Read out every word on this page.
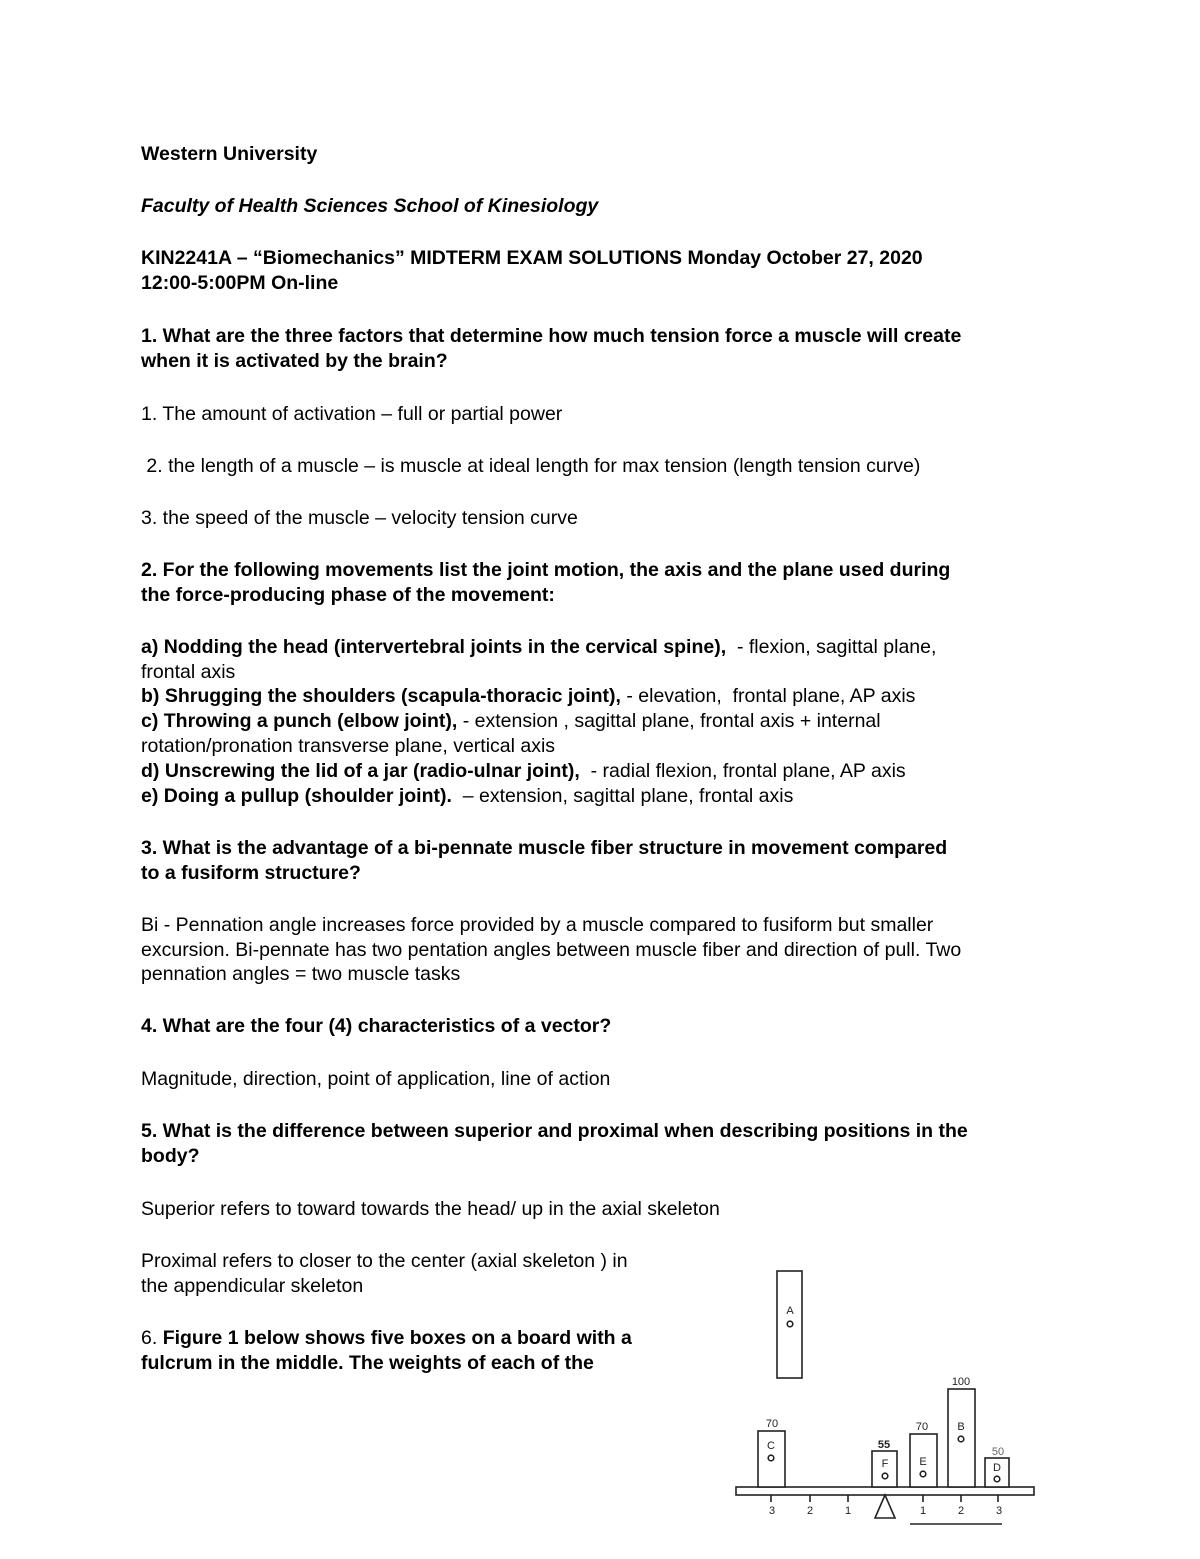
Western University
Faculty of Health Sciences School of Kinesiology
KIN2241A – “Biomechanics” MIDTERM EXAM SOLUTIONS Monday October 27, 2020
12:00-5:00PM On-line
1. What are the three factors that determine how much tension force a muscle will create
when it is activated by the brain?
1. The amount of activation – full or partial power
2. the length of a muscle – is muscle at ideal length for max tension (length tension curve)
3. the speed of the muscle – velocity tension curve
2. For the following movements list the joint motion, the axis and the plane used during
the force-producing phase of the movement:
a) Nodding the head (intervertebral joints in the cervical spine),  - flexion, sagittal plane,
frontal axis
b) Shrugging the shoulders (scapula-thoracic joint), - elevation,  frontal plane, AP axis
c) Throwing a punch (elbow joint), - extension , sagittal plane, frontal axis + internal
rotation/pronation transverse plane, vertical axis
d) Unscrewing the lid of a jar (radio-ulnar joint),  - radial flexion, frontal plane, AP axis
e) Doing a pullup (shoulder joint).  – extension, sagittal plane, frontal axis
3. What is the advantage of a bi-pennate muscle fiber structure in movement compared
to a fusiform structure?
Bi - Pennation angle increases force provided by a muscle compared to fusiform but smaller
excursion. Bi-pennate has two pentation angles between muscle fiber and direction of pull. Two
pennation angles = two muscle tasks
4. What are the four (4) characteristics of a vector?
Magnitude, direction, point of application, line of action
5. What is the difference between superior and proximal when describing positions in the
body?
Superior refers to toward towards the head/ up in the axial skeleton
Proximal refers to closer to the center (axial skeleton ) in
the appendicular skeleton
6. Figure 1 below shows five boxes on a board with a
fulcrum in the middle. The weights of each of the
A
C
F	E
B
D
70
55
70
100
50
3	2	1	1	2	3
